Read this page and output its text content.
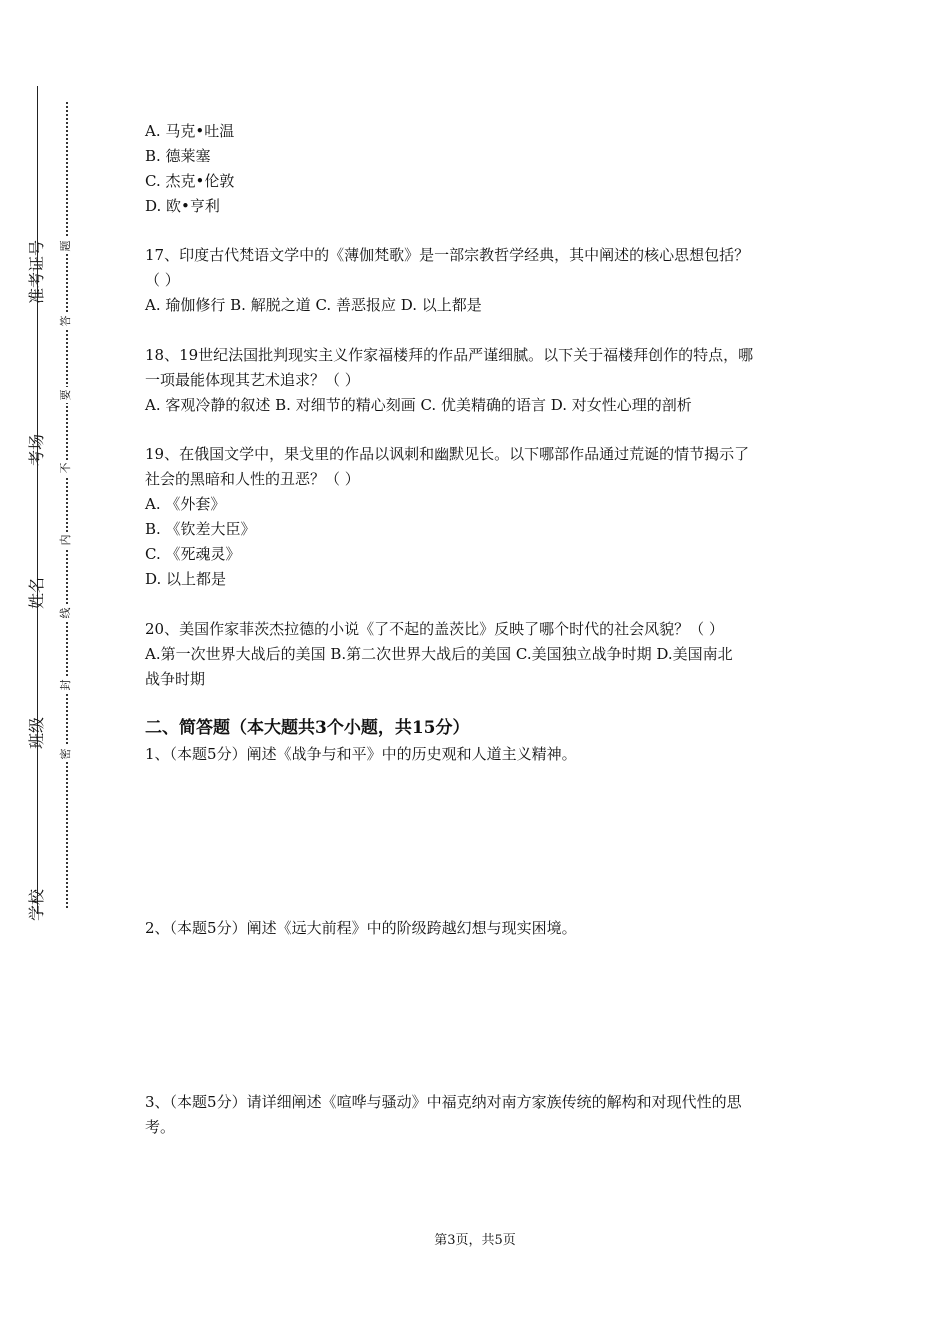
准考证号
考场
姓名
班级
学校
题
答
要
不
内
线
封
密
A. 马克•吐温
B. 德莱塞
C. 杰克•伦敦
D. 欧•亨利
17、印度古代梵语文学中的《薄伽梵歌》是一部宗教哲学经典，其中阐述的核心思想包括？
（ ）
A. 瑜伽修行 B. 解脱之道 C. 善恶报应 D. 以上都是
18、19世纪法国批判现实主义作家福楼拜的作品严谨细腻。以下关于福楼拜创作的特点，哪
一项最能体现其艺术追求？（ ）
A. 客观冷静的叙述 B. 对细节的精心刻画 C. 优美精确的语言 D. 对女性心理的剖析
19、在俄国文学中，果戈里的作品以讽刺和幽默见长。以下哪部作品通过荒诞的情节揭示了
社会的黑暗和人性的丑恶？（ ）
A. 《外套》
B. 《钦差大臣》
C. 《死魂灵》
D. 以上都是
20、美国作家菲茨杰拉德的小说《了不起的盖茨比》反映了哪个时代的社会风貌？（ ）
A.第一次世界大战后的美国 B.第二次世界大战后的美国 C.美国独立战争时期 D.美国南北
战争时期
二、简答题（本大题共3个小题，共15分）
1、（本题5分）阐述《战争与和平》中的历史观和人道主义精神。
2、（本题5分）阐述《远大前程》中的阶级跨越幻想与现实困境。
3、（本题5分）请详细阐述《喧哗与骚动》中福克纳对南方家族传统的解构和对现代性的思
考。
第3页，共5页
